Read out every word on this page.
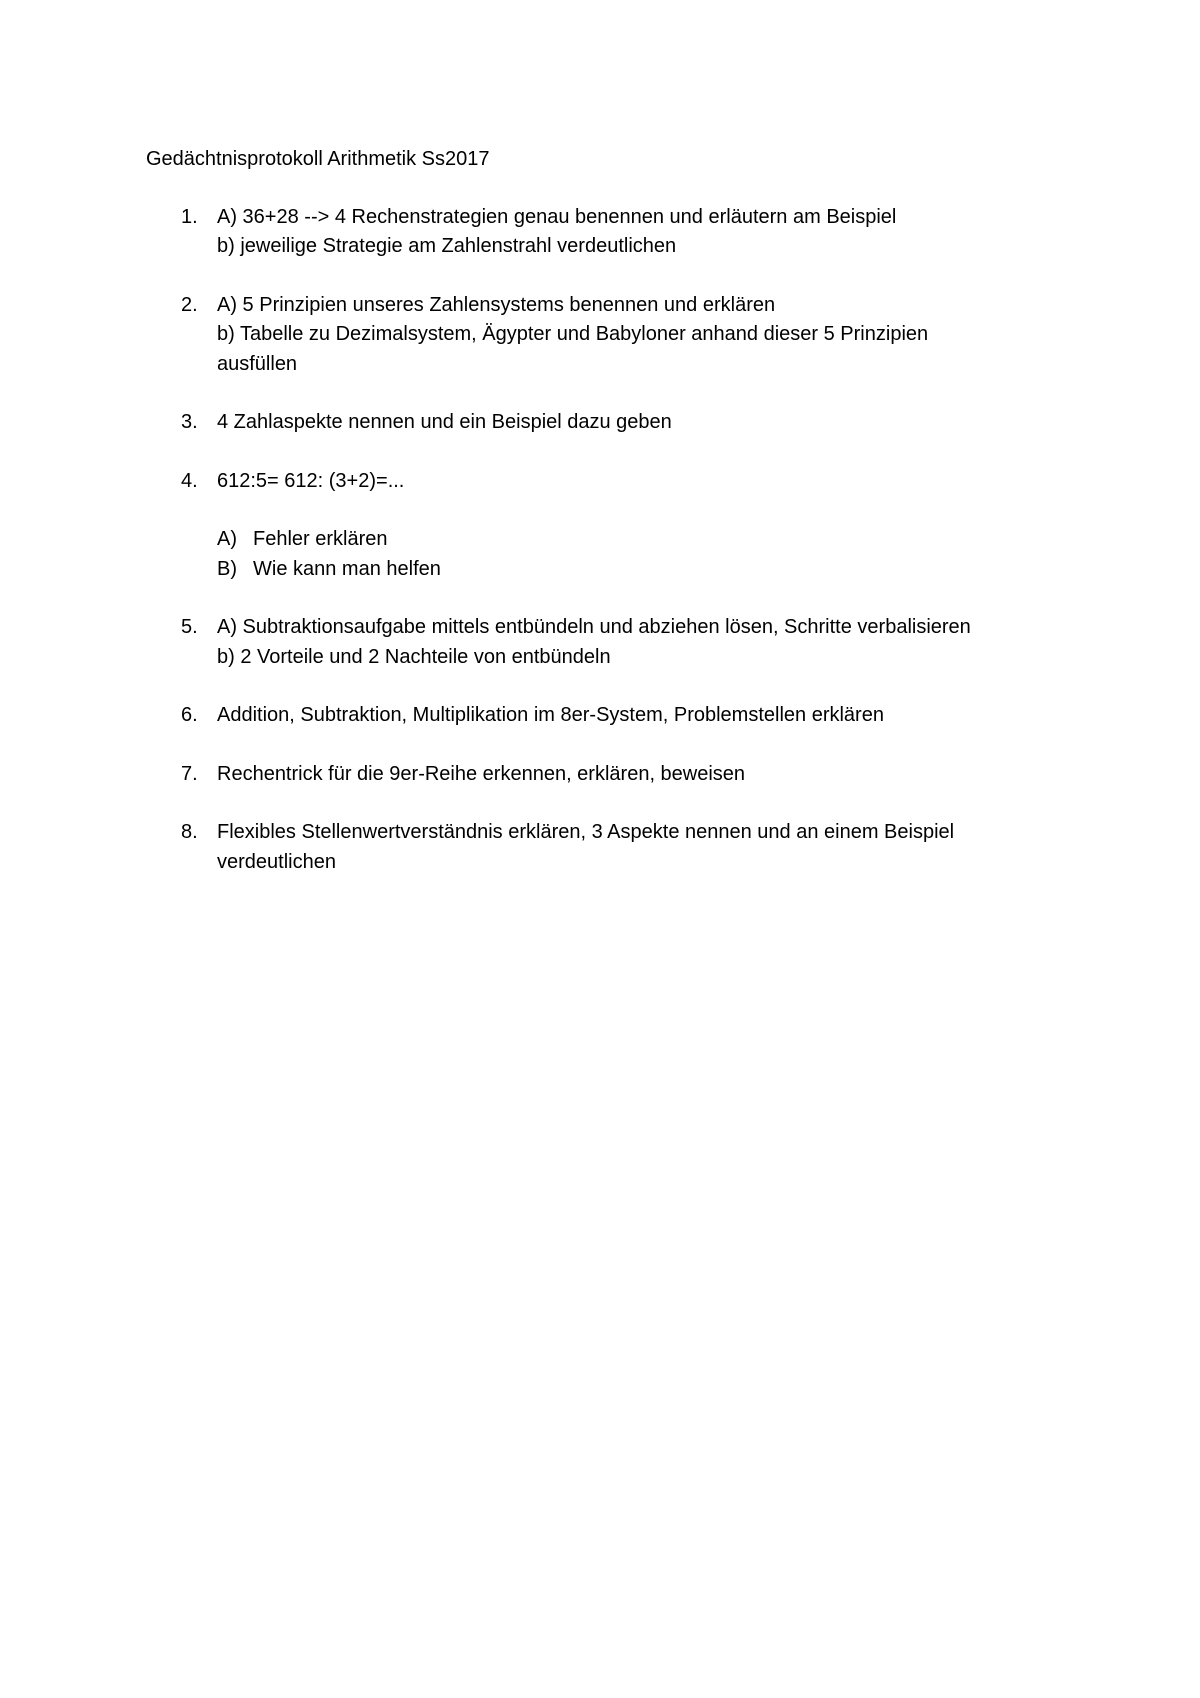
Gedächtnisprotokoll Arithmetik Ss2017
1. A) 36+28 --> 4 Rechenstrategien genau benennen und erläutern am Beispiel
b) jeweilige Strategie am Zahlenstrahl verdeutlichen
2. A) 5 Prinzipien unseres Zahlensystems benennen und erklären
b) Tabelle zu Dezimalsystem, Ägypter und Babyloner anhand dieser 5 Prinzipien
ausfüllen
3. 4 Zahlaspekte nennen und ein Beispiel dazu geben
4. 612:5= 612: (3+2)=...
A) Fehler erklären
B) Wie kann man helfen
5. A) Subtraktionsaufgabe mittels entbündeln und abziehen lösen, Schritte verbalisieren
b) 2 Vorteile und 2 Nachteile von entbündeln
6. Addition, Subtraktion, Multiplikation im 8er-System, Problemstellen erklären
7. Rechentrick für die 9er-Reihe erkennen, erklären, beweisen
8. Flexibles Stellenwertverständnis erklären, 3 Aspekte nennen und an einem Beispiel
verdeutlichen
